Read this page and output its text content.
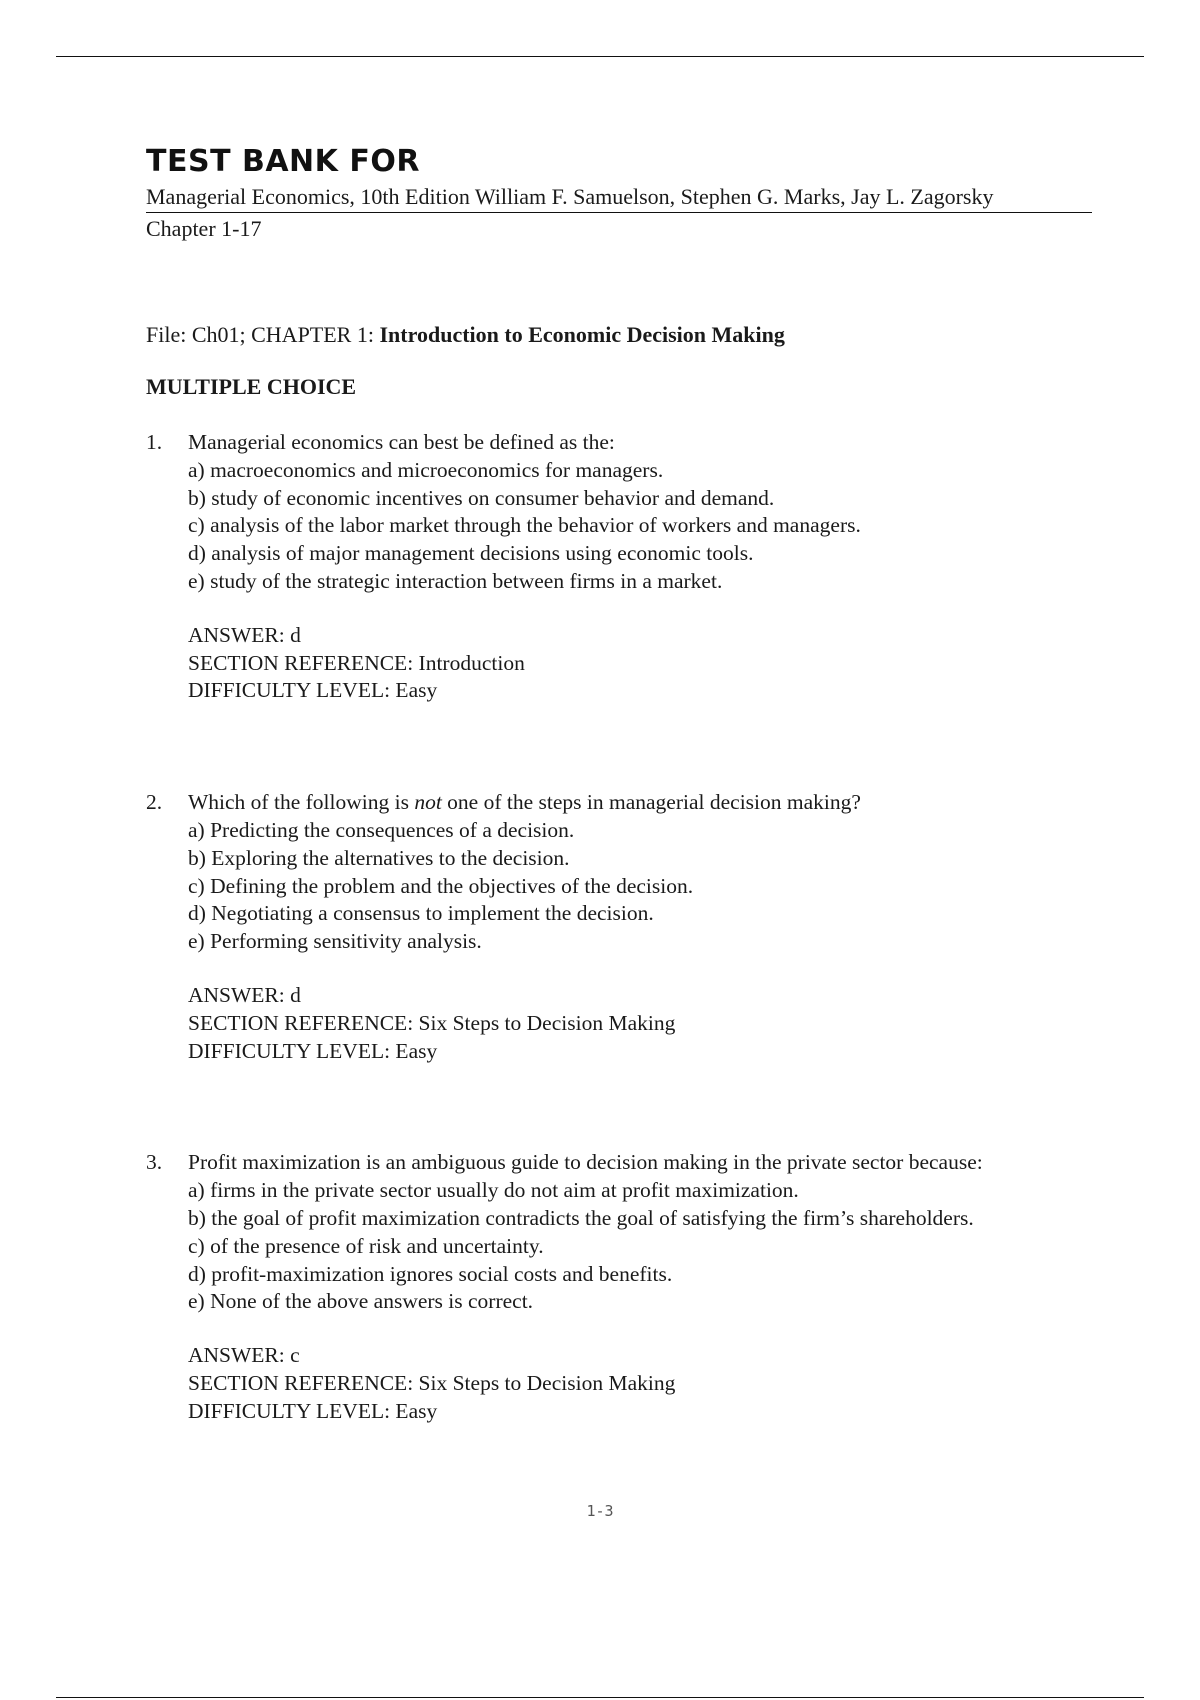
TEST BANK FOR
Managerial Economics, 10th Edition William F. Samuelson, Stephen G. Marks, Jay L. Zagorsky
Chapter 1-17
File: Ch01; CHAPTER 1: Introduction to Economic Decision Making
MULTIPLE CHOICE
1.	Managerial economics can best be defined as the:
a) macroeconomics and microeconomics for managers.
b) study of economic incentives on consumer behavior and demand.
c) analysis of the labor market through the behavior of workers and managers.
d) analysis of major management decisions using economic tools.
e) study of the strategic interaction between firms in a market.
ANSWER: d
SECTION REFERENCE: Introduction
DIFFICULTY LEVEL: Easy
2.	Which of the following is not one of the steps in managerial decision making?
a) Predicting the consequences of a decision.
b) Exploring the alternatives to the decision.
c) Defining the problem and the objectives of the decision.
d) Negotiating a consensus to implement the decision.
e) Performing sensitivity analysis.
ANSWER: d
SECTION REFERENCE: Six Steps to Decision Making
DIFFICULTY LEVEL: Easy
3.	Profit maximization is an ambiguous guide to decision making in the private sector because:
a) firms in the private sector usually do not aim at profit maximization.
b) the goal of profit maximization contradicts the goal of satisfying the firm’s shareholders.
c) of the presence of risk and uncertainty.
d) profit-maximization ignores social costs and benefits.
e) None of the above answers is correct.
ANSWER: c
SECTION REFERENCE: Six Steps to Decision Making
DIFFICULTY LEVEL: Easy
1-3
